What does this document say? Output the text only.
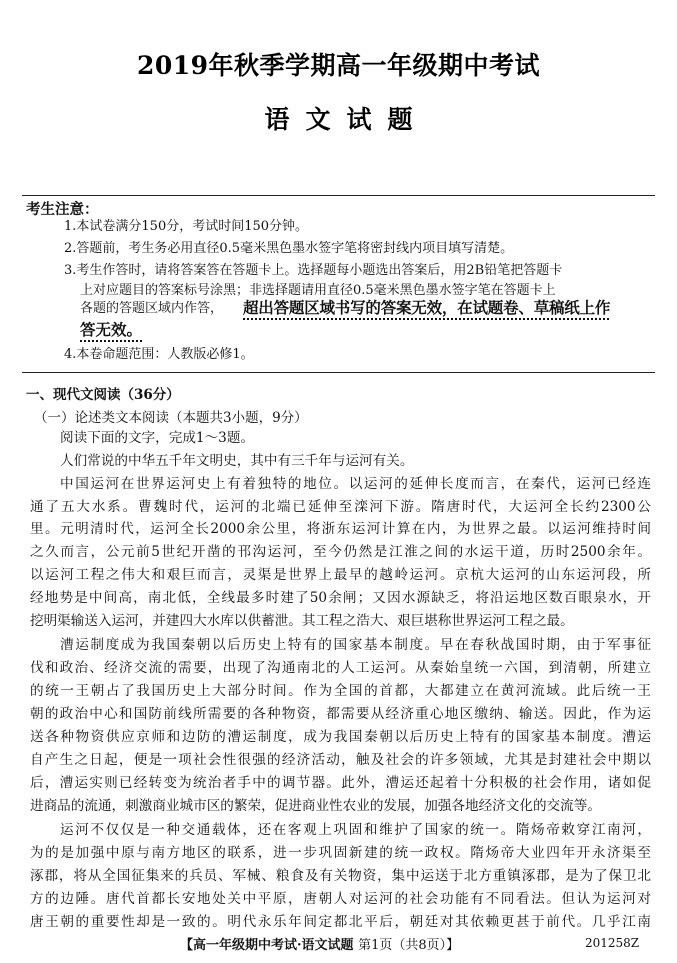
2019年秋季学期高一年级期中考试
语文试题
考生注意：
1.本试卷满分150分，考试时间150分钟。
2.答题前，考生务必用直径0.5毫米黑色墨水签字笔将密封线内项目填写清楚。
3.考生作答时，请将答案答在答题卡上。选择题每小题选出答案后，用2B铅笔把答题卡
上对应题目的答案标号涂黑；非选择题请用直径0.5毫米黑色墨水签字笔在答题卡上
各题的答题区域内作答，	超出答题区域书写的答案无效，在试题卷、草稿纸上作
答无效。
4.本卷命题范围：人教版必修1。
一、现代文阅读（36分）
（一）论述类文本阅读（本题共3小题，9分）
阅读下面的文字，完成1～3题。
人们常说的中华五千年文明史，其中有三千年与运河有关。
中国运河在世界运河史上有着独特的地位。以运河的延伸长度而言，在秦代，运河已经连
通了五大水系。曹魏时代，运河的北端已延伸至滦河下游。隋唐时代，大运河全长约2300公
里。元明清时代，运河全长2000余公里，将浙东运河计算在内，为世界之最。以运河维持时间
之久而言，公元前5世纪开凿的邗沟运河，至今仍然是江淮之间的水运干道，历时2500余年。
以运河工程之伟大和艰巨而言，灵渠是世界上最早的越岭运河。京杭大运河的山东运河段，所
经地势是中间高，南北低，全线最多时建了50余闸；又因水源缺乏，将沿运地区数百眼泉水，开
挖明渠输送入运河，并建四大水库以供蓄泄。其工程之浩大、艰巨堪称世界运河工程之最。
漕运制度成为我国秦朝以后历史上特有的国家基本制度。早在春秋战国时期，由于军事征
伐和政治、经济交流的需要，出现了沟通南北的人工运河。从秦始皇统一六国，到清朝，所建立
的统一王朝占了我国历史上大部分时间。作为全国的首都，大都建立在黄河流域。此后统一王
朝的政治中心和国防前线所需要的各种物资，都需要从经济重心地区缴纳、输送。因此，作为运
送各种物资供应京师和边防的漕运制度，成为我国秦朝以后历史上特有的国家基本制度。漕运
自产生之日起，便是一项社会性很强的经济活动，触及社会的许多领域，尤其是封建社会中期以
后，漕运实则已经转变为统治者手中的调节器。此外，漕运还起着十分积极的社会作用，诸如促
进商品的流通，刺激商业城市区的繁荣，促进商业性农业的发展，加强各地经济文化的交流等。
运河不仅仅是一种交通载体，还在客观上巩固和维护了国家的统一。隋炀帝敕穿江南河，
为的是加强中原与南方地区的联系，进一步巩固新建的统一政权。隋炀帝大业四年开永济渠至
涿郡，将从全国征集来的兵员、军械、粮食及有关物资，集中运送于北方重镇涿郡，是为了保卫北
方的边陲。唐代首都长安地处关中平原，唐朝人对运河的社会功能有不同看法。但认为运河对
唐王朝的重要性却是一致的。明代永乐年间定都北平后，朝廷对其依赖更甚于前代。几乎江南
【高一年级期中考试·语文试题 第1页（共8页）】	201258Z
